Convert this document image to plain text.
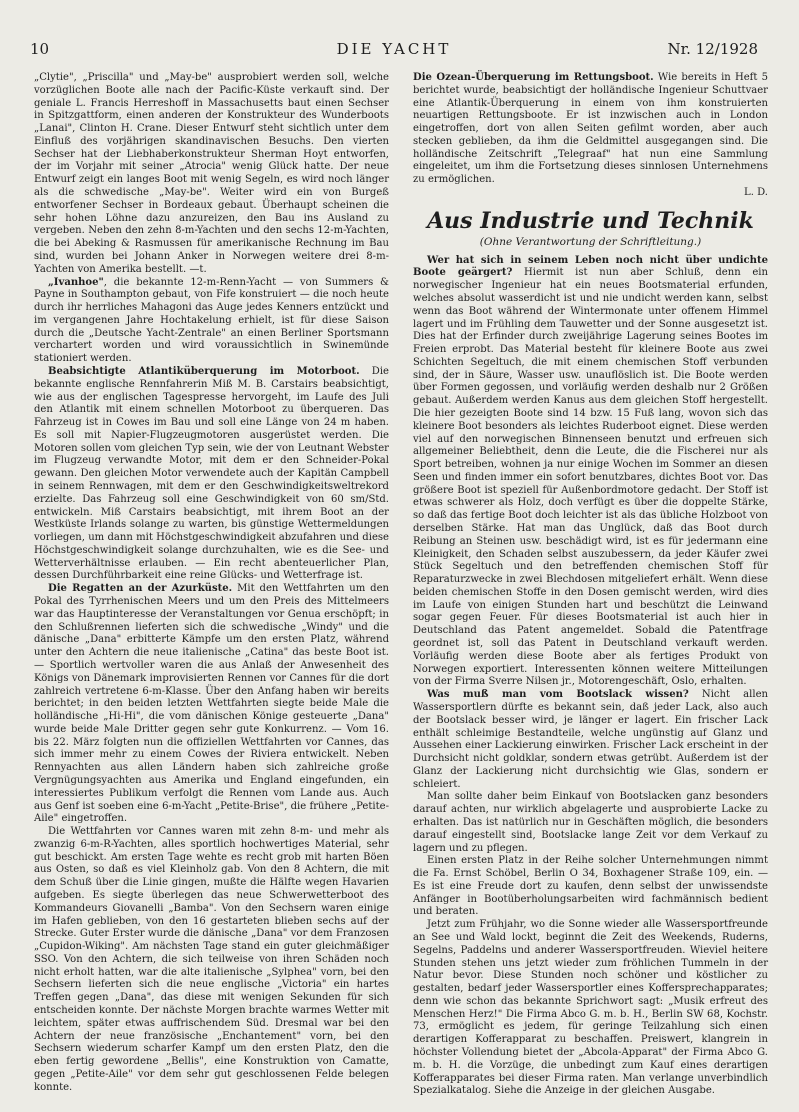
10	DIE YACHT	Nr. 12/1928

„Clytie", „Priscilla" und „May-be" ausprobiert werden soll, welche vorzüglichen Boote alle nach der Pacific-Küste verkauft sind. Der geniale L. Francis Herreshoff in Massachusetts baut einen Sechser in Spitzgattform, einen anderen der Konstrukteur des Wunderboots „Lanai", Clinton H. Crane. Dieser Entwurf steht sichtlich unter dem Einfluß des vorjährigen skandinavischen Besuchs. Den vierten Sechser hat der Liebhaberkonstrukteur Sherman Hoyt entworfen, der im Vorjahr mit seiner „Atrocia" wenig Glück hatte. Der neue Entwurf zeigt ein langes Boot mit wenig Segeln, es wird noch länger als die schwedische „May-be". Weiter wird ein von Burgeß entworfener Sechser in Bordeaux gebaut. Überhaupt scheinen die sehr hohen Löhne dazu anzureizen, den Bau ins Ausland zu vergeben. Neben den zehn 8-m-Yachten und den sechs 12-m-Yachten, die bei Abeking & Rasmussen für amerikanische Rechnung im Bau sind, wurden bei Johann Anker in Norwegen weitere drei 8-m-Yachten von Amerika bestellt. —t.

„Ivanhoe", die bekannte 12-m-Renn-Yacht — von Summers & Payne in Southampton gebaut, von Fife konstruiert — die noch heute durch ihr herrliches Mahagoni das Auge jedes Kenners entzückt und im vergangenen Jahre Hochtakelung erhielt, ist für diese Saison durch die „Deutsche Yacht-Zentrale" an einen Berliner Sportsmann verchartert worden und wird voraussichtlich in Swinemünde stationiert werden.

Beabsichtigte Atlantiküberquerung im Motorboot. Die bekannte englische Rennfahrerin Miß M. B. Carstairs beabsichtigt, wie aus der englischen Tagespresse hervorgeht, im Laufe des Juli den Atlantik mit einem schnellen Motorboot zu überqueren. Das Fahrzeug ist in Cowes im Bau und soll eine Länge von 24 m haben. Es soll mit Napier-Flugzeugmotoren ausgerüstet werden. Die Motoren sollen vom gleichen Typ sein, wie der von Leutnant Webster im Flugzeug verwandte Motor, mit dem er den Schneider-Pokal gewann. Den gleichen Motor verwendete auch der Kapitän Campbell in seinem Rennwagen, mit dem er den Geschwindigkeitsweltrekord erzielte. Das Fahrzeug soll eine Geschwindigkeit von 60 sm/Std. entwickeln. Miß Carstairs beabsichtigt, mit ihrem Boot an der Westküste Irlands solange zu warten, bis günstige Wettermeldungen vorliegen, um dann mit Höchstgeschwindigkeit abzufahren und diese Höchstgeschwindigkeit solange durchzuhalten, wie es die See- und Wetterverhältnisse erlauben. — Ein recht abenteuerlicher Plan, dessen Durchführbarkeit eine reine Glücks- und Wetterfrage ist.

Die Regatten an der Azurküste. Mit den Wettfahrten um den Pokal des Tyrrhenischen Meers und um den Preis des Mittelmeers war das Hauptinteresse der Veranstaltungen vor Genua erschöpft; in den Schlußrennen lieferten sich die schwedische „Windy" und die dänische „Dana" erbitterte Kämpfe um den ersten Platz, während unter den Achtern die neue italienische „Catina" das beste Boot ist. — Sportlich wertvoller waren die aus Anlaß der Anwesenheit des Königs von Dänemark improvisierten Rennen vor Cannes für die dort zahlreich vertretene 6-m-Klasse. Über den Anfang haben wir bereits berichtet; in den beiden letzten Wettfahrten siegte beide Male die holländische „Hi-Hi", die vom dänischen Könige gesteuerte „Dana" wurde beide Male Dritter gegen sehr gute Konkurrenz. — Vom 16. bis 22. März folgten nun die offiziellen Wettfahrten vor Cannes, das sich immer mehr zu einem Cowes der Riviera entwickelt. Neben Rennyachten aus allen Ländern haben sich zahlreiche große Vergnügungsyachten aus Amerika und England eingefunden, ein interessiertes Publikum verfolgt die Rennen vom Lande aus. Auch aus Genf ist soeben eine 6-m-Yacht „Petite-Brise", die frühere „Petite-Aile" eingetroffen.

Die Wettfahrten vor Cannes waren mit zehn 8-m- und mehr als zwanzig 6-m-R-Yachten, alles sportlich hochwertiges Material, sehr gut beschickt. Am ersten Tage wehte es recht grob mit harten Böen aus Osten, so daß es viel Kleinholz gab. Von den 8 Achtern, die mit dem Schuß über die Linie gingen, mußte die Hälfte wegen Havarien aufgeben. Es siegte überlegen das neue Schwerwetterboot des Kommandeurs Giovanelli „Bamba". Von den Sechsern waren einige im Hafen geblieben, von den 16 gestarteten blieben sechs auf der Strecke. Guter Erster wurde die dänische „Dana" vor dem Franzosen „Cupidon-Wiking". Am nächsten Tage stand ein guter gleichmäßiger SSO. Von den Achtern, die sich teilweise von ihren Schäden noch nicht erholt hatten, war die alte italienische „Sylphea" vorn, bei den Sechsern lieferten sich die neue englische „Victoria" ein hartes Treffen gegen „Dana", das diese mit wenigen Sekunden für sich entscheiden konnte. Der nächste Morgen brachte warmes Wetter mit leichtem, später etwas auffrischendem Süd. Dresmal war bei den Achtern der neue französische „Enchantement" vorn, bei den Sechsern wiederum scharfer Kampf um den ersten Platz, den die eben fertig gewordene „Bellis", eine Konstruktion von Camatte, gegen „Petite-Aile" vor dem sehr gut geschlossenen Felde belegen konnte.

Die Ozean-Überquerung im Rettungsboot. Wie bereits in Heft 5 berichtet wurde, beabsichtigt der holländische Ingenieur Schuttvaer eine Atlantik-Überquerung in einem von ihm konstruierten neuartigen Rettungsboote. Er ist inzwischen auch in London eingetroffen, dort von allen Seiten gefilmt worden, aber auch stecken geblieben, da ihm die Geldmittel ausgegangen sind. Die holländische Zeitschrift „Telegraaf" hat nun eine Sammlung eingeleitet, um ihm die Fortsetzung dieses sinnlosen Unternehmens zu ermöglichen.

L. D.

Aus Industrie und Technik
(Ohne Verantwortung der Schriftleitung.)

Wer hat sich in seinem Leben noch nicht über undichte Boote geärgert? Hiermit ist nun aber Schluß, denn ein norwegischer Ingenieur hat ein neues Bootsmaterial erfunden, welches absolut wasserdicht ist und nie undicht werden kann, selbst wenn das Boot während der Wintermonate unter offenem Himmel lagert und im Frühling dem Tauwetter und der Sonne ausgesetzt ist. Dies hat der Erfinder durch zweijährige Lagerung seines Bootes im Freien erprobt. Das Material besteht für kleinere Boote aus zwei Schichten Segeltuch, die mit einem chemischen Stoff verbunden sind, der in Säure, Wasser usw. unauflöslich ist. Die Boote werden über Formen gegossen, und vorläufig werden deshalb nur 2 Größen gebaut. Außerdem werden Kanus aus dem gleichen Stoff hergestellt. Die hier gezeigten Boote sind 14 bzw. 15 Fuß lang, wovon sich das kleinere Boot besonders als leichtes Ruderboot eignet. Diese werden viel auf den norwegischen Binnenseen benutzt und erfreuen sich allgemeiner Beliebtheit, denn die Leute, die die Fischerei nur als Sport betreiben, wohnen ja nur einige Wochen im Sommer an diesen Seen und finden immer ein sofort benutzbares, dichtes Boot vor. Das größere Boot ist speziell für Außenbordmotore gedacht. Der Stoff ist etwas schwerer als Holz, doch verfügt es über die doppelte Stärke, so daß das fertige Boot doch leichter ist als das übliche Holzboot von derselben Stärke. Hat man das Unglück, daß das Boot durch Reibung an Steinen usw. beschädigt wird, ist es für jedermann eine Kleinigkeit, den Schaden selbst auszubessern, da jeder Käufer zwei Stück Segeltuch und den betreffenden chemischen Stoff für Reparaturzwecke in zwei Blechdosen mitgeliefert erhält. Wenn diese beiden chemischen Stoffe in den Dosen gemischt werden, wird dies im Laufe von einigen Stunden hart und beschützt die Leinwand sogar gegen Feuer. Für dieses Bootsmaterial ist auch hier in Deutschland das Patent angemeldet. Sobald die Patentfrage geordnet ist, soll das Patent in Deutschland verkauft werden. Vorläufig werden diese Boote aber als fertiges Produkt von Norwegen exportiert. Interessenten können weitere Mitteilungen von der Firma Sverre Nilsen jr., Motorengeschäft, Oslo, erhalten.

Was muß man vom Bootslack wissen? Nicht allen Wassersportlern dürfte es bekannt sein, daß jeder Lack, also auch der Bootslack besser wird, je länger er lagert. Ein frischer Lack enthält schleimige Bestandteile, welche ungünstig auf Glanz und Aussehen einer Lackierung einwirken. Frischer Lack erscheint in der Durchsicht nicht goldklar, sondern etwas getrübt. Außerdem ist der Glanz der Lackierung nicht durchsichtig wie Glas, sondern er schleiert.

Man sollte daher beim Einkauf von Bootslacken ganz besonders darauf achten, nur wirklich abgelagerte und ausprobierte Lacke zu erhalten. Das ist natürlich nur in Geschäften möglich, die besonders darauf eingestellt sind, Bootslacke lange Zeit vor dem Verkauf zu lagern und zu pflegen.

Einen ersten Platz in der Reihe solcher Unternehmungen nimmt die Fa. Ernst Schöbel, Berlin O 34, Boxhagener Straße 109, ein. — Es ist eine Freude dort zu kaufen, denn selbst der unwissendste Anfänger in Bootüberholungsarbeiten wird fachmännisch bedient und beraten.

Jetzt zum Frühjahr, wo die Sonne wieder alle Wassersportfreunde an See und Wald lockt, beginnt die Zeit des Weekends, Ruderns, Segelns, Paddelns und anderer Wassersportfreuden. Wieviel heitere Stunden stehen uns jetzt wieder zum fröhlichen Tummeln in der Natur bevor. Diese Stunden noch schöner und köstlicher zu gestalten, bedarf jeder Wassersportler eines Koffersprechapparates; denn wie schon das bekannte Sprichwort sagt: „Musik erfreut des Menschen Herz!" Die Firma Abco G. m. b. H., Berlin SW 68, Kochstr. 73, ermöglicht es jedem, für geringe Teilzahlung sich einen derartigen Kofferapparat zu beschaffen. Preiswert, klangrein in höchster Vollendung bietet der „Abcola-Apparat" der Firma Abco G. m. b. H. die Vorzüge, die unbedingt zum Kauf eines derartigen Kofferapparates bei dieser Firma raten. Man verlange unverbindlich Spezialkatalog. Siehe die Anzeige in der gleichen Ausgabe.
